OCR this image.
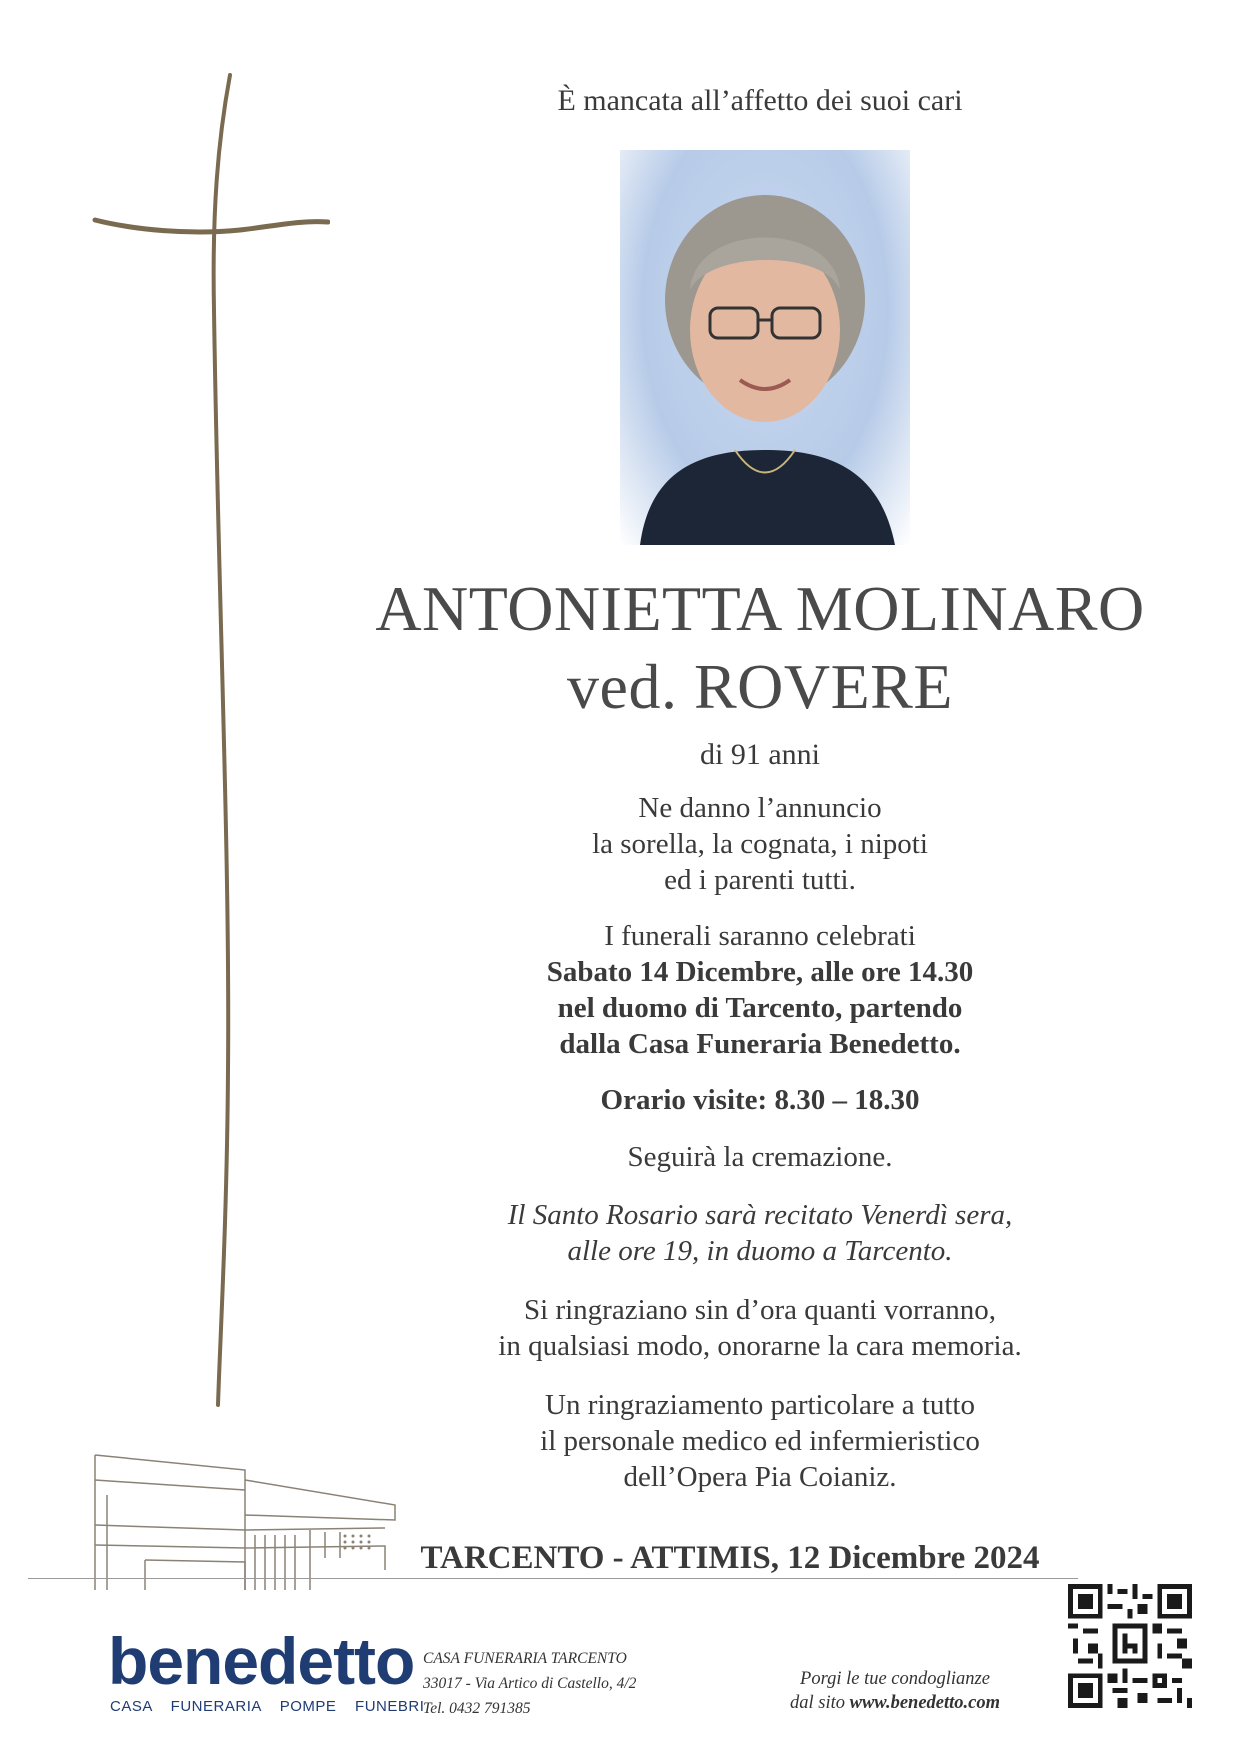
È mancata all’affetto dei suoi cari
ANTONIETTA MOLINARO
ved. ROVERE
di 91 anni
Ne danno l’annuncio
la sorella, la cognata, i nipoti
ed i parenti tutti.
I funerali saranno celebrati
Sabato 14 Dicembre, alle ore 14.30
nel duomo di Tarcento, partendo
dalla Casa Funeraria Benedetto.
Orario visite: 8.30 – 18.30
Seguirà la cremazione.
Il Santo Rosario sarà recitato Venerdì sera,
alle ore 19, in duomo a Tarcento.
Si ringraziano sin d’ora quanti vorranno,
in qualsiasi modo, onorarne la cara memoria.
Un ringraziamento particolare a tutto
il personale medico ed infermieristico
dell’Opera Pia Coianiz.
TARCENTO - ATTIMIS, 12 Dicembre 2024
benedetto
CASA FUNERARIA POMPE FUNEBRI
CASA FUNERARIA TARCENTO
33017 - Via Artico di Castello, 4/2
Tel. 0432 791385
Porgi le tue condoglianze
dal sito www.benedetto.com
